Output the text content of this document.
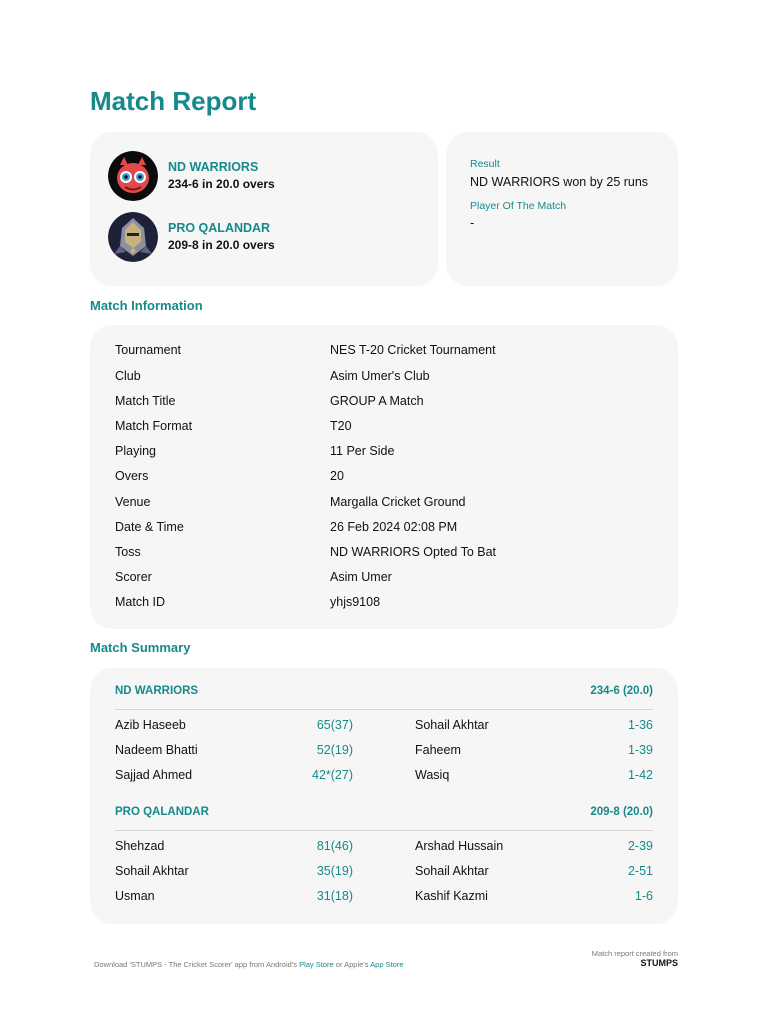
Match Report
ND WARRIORS
234-6 in 20.0 overs
PRO QALANDAR
209-8 in 20.0 overs
Result
ND WARRIORS won by 25 runs
Player Of The Match
-
Match Information
Tournament	NES T-20 Cricket Tournament
Club	Asim Umer's Club
Match Title	GROUP A Match
Match Format	T20
Playing	11 Per Side
Overs	20
Venue	Margalla Cricket Ground
Date & Time	26 Feb 2024 02:08 PM
Toss	ND WARRIORS Opted To Bat
Scorer	Asim Umer
Match ID	yhjs9108
Match Summary
ND WARRIORS	234-6 (20.0)
Azib Haseeb	65(37)	Sohail Akhtar	1-36
Nadeem Bhatti	52(19)	Faheem	1-39
Sajjad Ahmed	42*(27)	Wasiq	1-42
PRO QALANDAR	209-8 (20.0)
Shehzad	81(46)	Arshad Hussain	2-39
Sohail Akhtar	35(19)	Sohail Akhtar	2-51
Usman	31(18)	Kashif Kazmi	1-6
Download 'STUMPS - The Cricket Scorer' app from Android's Play Store or Apple's App Store
Match report created from
STUMPS
